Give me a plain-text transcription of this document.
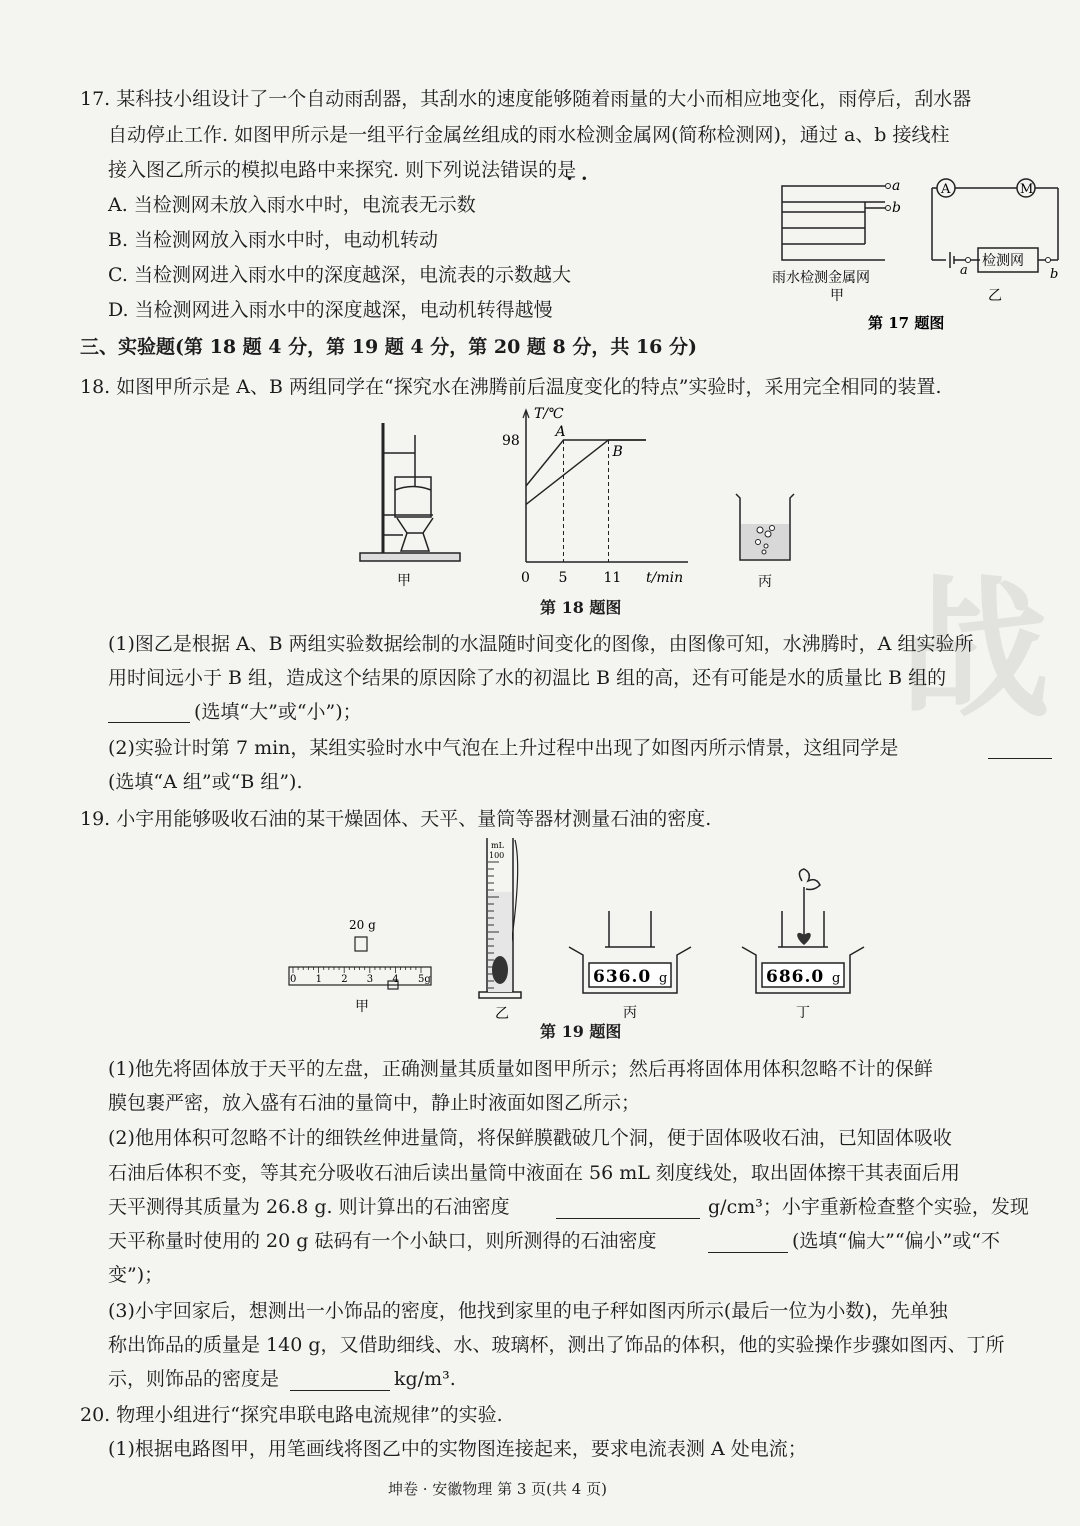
战
17. 某科技小组设计了一个自动雨刮器，其刮水的速度能够随着雨量的大小而相应地变化，雨停后，刮水器
自动停止工作. 如图甲所示是一组平行金属丝组成的雨水检测金属网(简称检测网)，通过 a、b 接线柱
接入图乙所示的模拟电路中来探究. 则下列说法错误的是
•  •
A. 当检测网未放入雨水中时，电流表无示数
B. 当检测网放入雨水中时，电动机转动
C. 当检测网进入雨水中的深度越深，电流表的示数越大
D. 当检测网进入雨水中的深度越深，电动机转得越慢
a
b
A	M
检测网
a	b
雨水检测金属网
甲	乙
第 17 题图
三、实验题(第 18 题 4 分，第 19 题 4 分，第 20 题 8 分，共 16 分)
18. 如图甲所示是 A、B 两组同学在“探究水在沸腾前后温度变化的特点”实验时，采用完全相同的装置.
甲
T/℃
t/min
98
0 5	11
A
B
丙
第 18 题图
(1)图乙是根据 A、B 两组实验数据绘制的水温随时间变化的图像，由图像可知，水沸腾时，A 组实验所
用时间远小于 B 组，造成这个结果的原因除了水的初温比 B 组的高，还有可能是水的质量比 B 组的
(选填“大”或“小”)；
(2)实验计时第 7 min，某组实验时水中气泡在上升过程中出现了如图丙所示情景，这组同学是
(选填“A 组”或“B 组”).
19. 小宇用能够吸收石油的某干燥固体、天平、量筒等器材测量石油的密度.
20 g
0 1 2 3 4 5g
甲
mL
100
乙
636.0 g
丙
686.0 g
丁
第 19 题图
(1)他先将固体放于天平的左盘，正确测量其质量如图甲所示；然后再将固体用体积忽略不计的保鲜
膜包裹严密，放入盛有石油的量筒中，静止时液面如图乙所示；
(2)他用体积可忽略不计的细铁丝伸进量筒，将保鲜膜戳破几个洞，便于固体吸收石油，已知固体吸收
石油后体积不变，等其充分吸收石油后读出量筒中液面在 56 mL 刻度线处，取出固体擦干其表面后用
天平测得其质量为 26.8 g. 则计算出的石油密度	g/cm³；小宇重新检查整个实验，发现
天平称量时使用的 20 g 砝码有一个小缺口，则所测得的石油密度	(选填“偏大”“偏小”或“不
变”)；
(3)小宇回家后，想测出一小饰品的密度，他找到家里的电子秤如图丙所示(最后一位为小数)，先单独
称出饰品的质量是 140 g，又借助细线、水、玻璃杯，测出了饰品的体积，他的实验操作步骤如图丙、丁所
示，则饰品的密度是	kg/m³.
20. 物理小组进行“探究串联电路电流规律”的实验.
(1)根据电路图甲，用笔画线将图乙中的实物图连接起来，要求电流表测 A 处电流；
坤卷 · 安徽物理 第 3 页(共 4 页)
